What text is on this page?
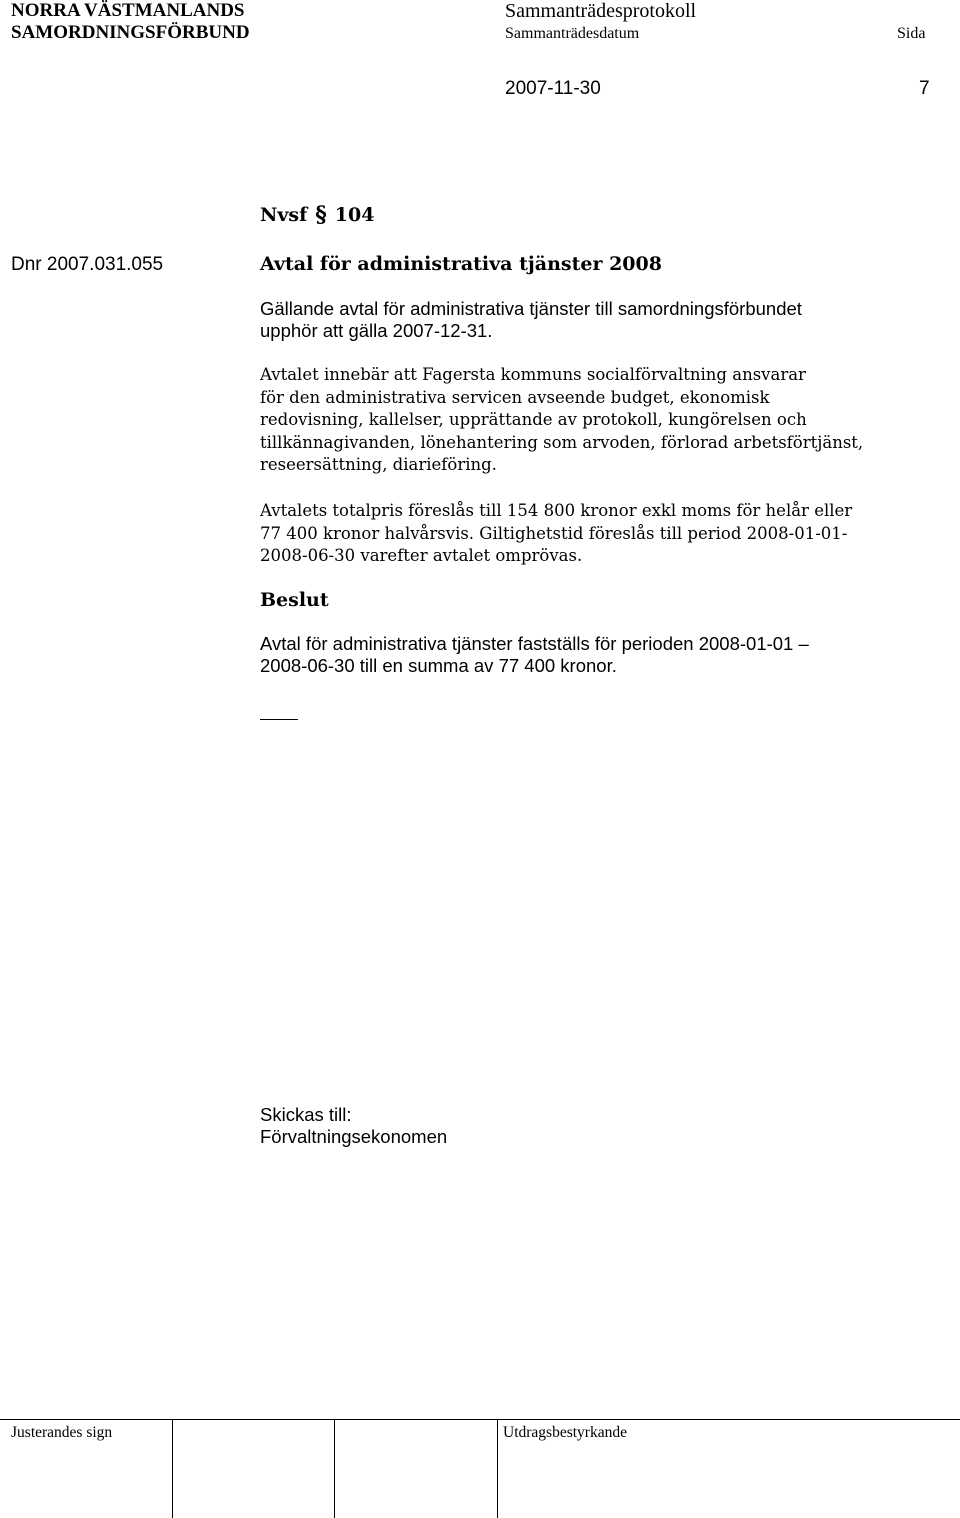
NORRA VÄSTMANLANDS
SAMORDNINGSFÖRBUND
Sammanträdesprotokoll
Sammanträdesdatum	Sida
2007-11-30	7
Nvsf § 104
Dnr 2007.031.055	Avtal för administrativa tjänster 2008
Gällande avtal för administrativa tjänster till samordningsförbundet
upphör att gälla 2007-12-31.
Avtalet innebär att Fagersta kommuns socialförvaltning ansvarar
för den administrativa servicen avseende budget, ekonomisk
redovisning, kallelser, upprättande av protokoll, kungörelsen och
tillkännagivanden, lönehantering som arvoden, förlorad arbetsförtjänst,
reseersättning, diarieföring.
Avtalets totalpris föreslås till 154 800 kronor exkl moms för helår eller
77 400 kronor halvårsvis. Giltighetstid föreslås till period 2008-01-01-
2008-06-30 varefter avtalet omprövas.
Beslut
Avtal för administrativa tjänster fastställs för perioden 2008-01-01 –
2008-06-30 till en summa av 77 400 kronor.
Skickas till:
Förvaltningsekonomen
Justerandes sign	Utdragsbestyrkande
